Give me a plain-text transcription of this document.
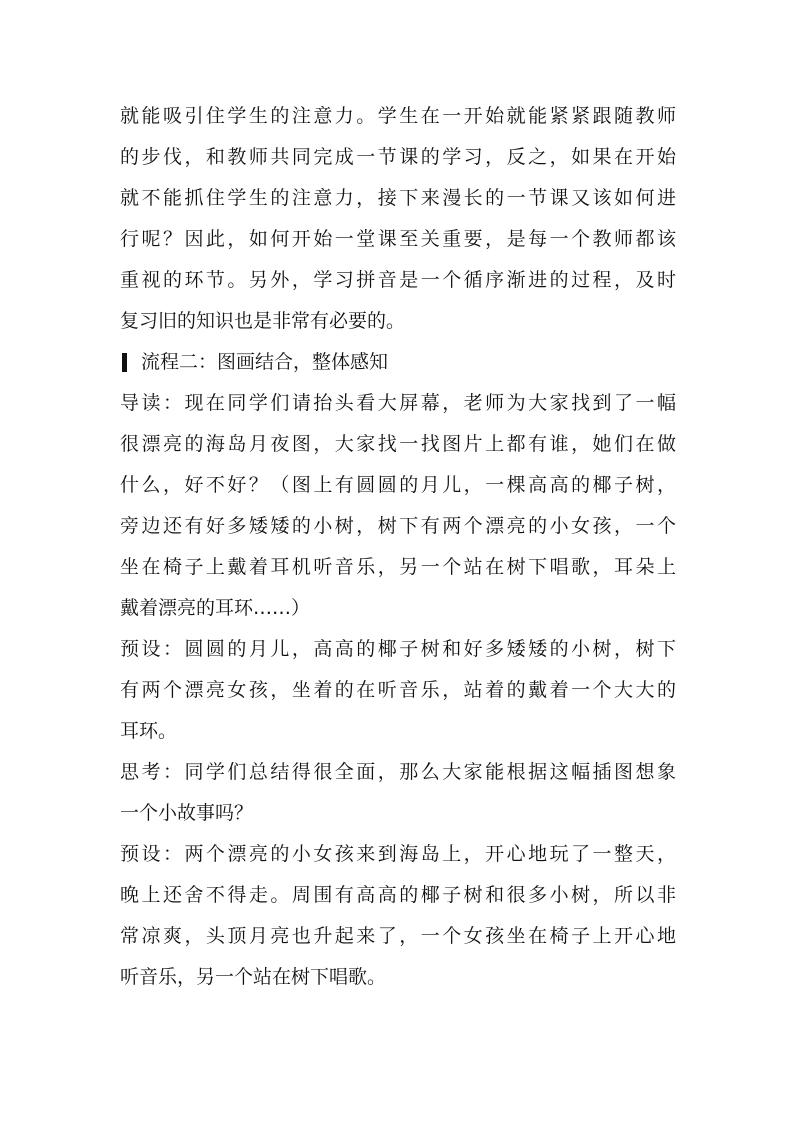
就能吸引住学生的注意力。学生在一开始就能紧紧跟随教师
的步伐，和教师共同完成一节课的学习，反之，如果在开始
就不能抓住学生的注意力，接下来漫长的一节课又该如何进
行呢？因此，如何开始一堂课至关重要，是每一个教师都该
重视的环节。另外，学习拼音是一个循序渐进的过程，及时
复习旧的知识也是非常有必要的。
流程二：图画结合，整体感知
导读：现在同学们请抬头看大屏幕，老师为大家找到了一幅
很漂亮的海岛月夜图，大家找一找图片上都有谁，她们在做
什么，好不好？（图上有圆圆的月儿，一棵高高的椰子树，
旁边还有好多矮矮的小树，树下有两个漂亮的小女孩，一个
坐在椅子上戴着耳机听音乐，另一个站在树下唱歌，耳朵上
戴着漂亮的耳环……）
预设：圆圆的月儿，高高的椰子树和好多矮矮的小树，树下
有两个漂亮女孩，坐着的在听音乐，站着的戴着一个大大的
耳环。
思考：同学们总结得很全面，那么大家能根据这幅插图想象
一个小故事吗？
预设：两个漂亮的小女孩来到海岛上，开心地玩了一整天，
晚上还舍不得走。周围有高高的椰子树和很多小树，所以非
常凉爽，头顶月亮也升起来了，一个女孩坐在椅子上开心地
听音乐，另一个站在树下唱歌。
